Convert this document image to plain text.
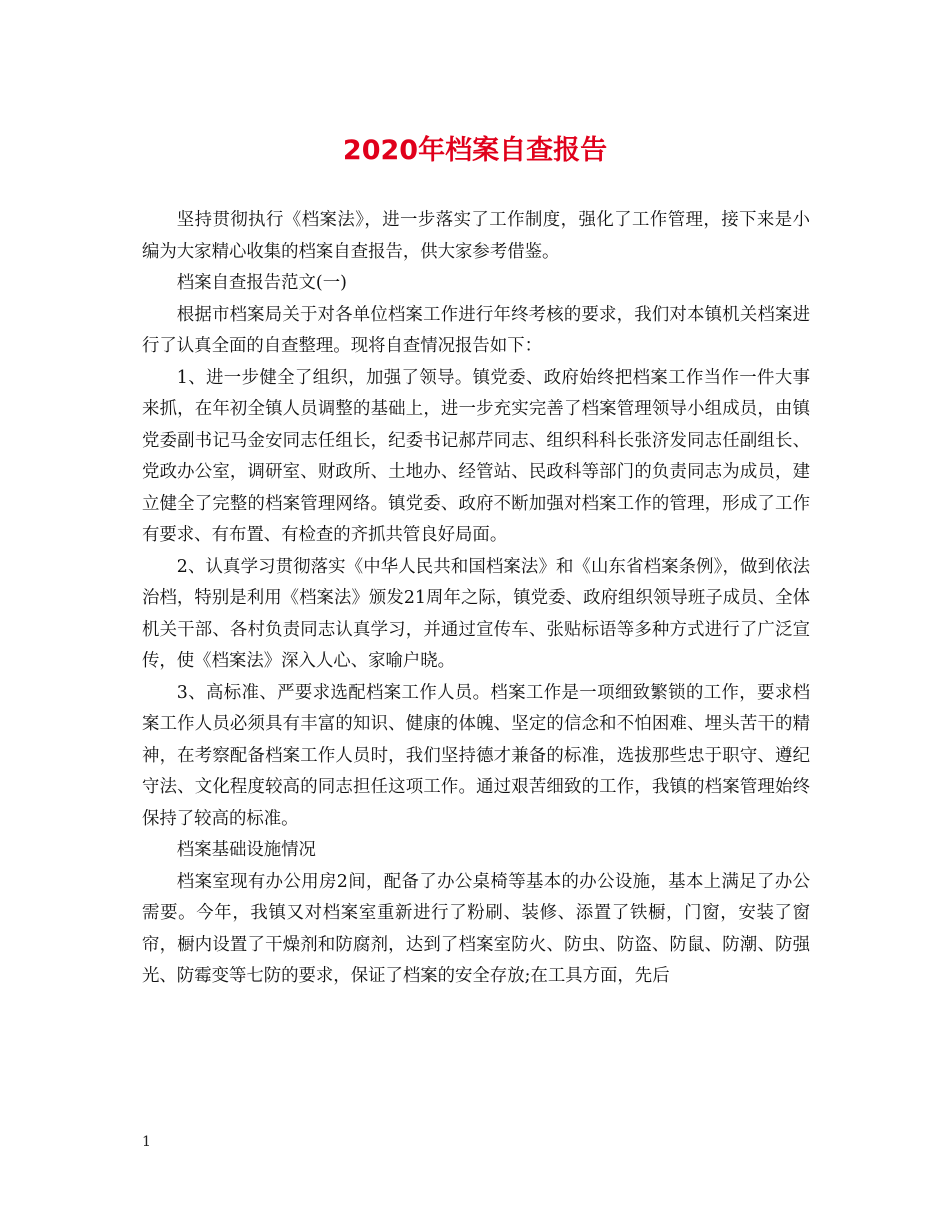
2020年档案自查报告

坚持贯彻执行《档案法》，进一步落实了工作制度，强化了工作管理，接下来是小编为大家精心收集的档案自查报告，供大家参考借鉴。

档案自查报告范文(一)

根据市档案局关于对各单位档案工作进行年终考核的要求，我们对本镇机关档案进行了认真全面的自查整理。现将自查情况报告如下：

1、进一步健全了组织，加强了领导。镇党委、政府始终把档案工作当作一件大事来抓，在年初全镇人员调整的基础上，进一步充实完善了档案管理领导小组成员，由镇党委副书记马金安同志任组长，纪委书记郝芹同志、组织科科长张济发同志任副组长、党政办公室，调研室、财政所、土地办、经管站、民政科等部门的负责同志为成员，建立健全了完整的档案管理网络。镇党委、政府不断加强对档案工作的管理，形成了工作有要求、有布置、有检查的齐抓共管良好局面。

2、认真学习贯彻落实《中华人民共和国档案法》和《山东省档案条例》，做到依法治档，特别是利用《档案法》颁发21周年之际，镇党委、政府组织领导班子成员、全体机关干部、各村负责同志认真学习，并通过宣传车、张贴标语等多种方式进行了广泛宣传，使《档案法》深入人心、家喻户晓。

3、高标准、严要求选配档案工作人员。档案工作是一项细致繁锁的工作，要求档案工作人员必须具有丰富的知识、健康的体魄、坚定的信念和不怕困难、埋头苦干的精神，在考察配备档案工作人员时，我们坚持德才兼备的标准，选拔那些忠于职守、遵纪守法、文化程度较高的同志担任这项工作。通过艰苦细致的工作，我镇的档案管理始终保持了较高的标准。

档案基础设施情况

档案室现有办公用房2间，配备了办公桌椅等基本的办公设施，基本上满足了办公需要。今年，我镇又对档案室重新进行了粉刷、装修、添置了铁橱，门窗，安装了窗帘，橱内设置了干燥剂和防腐剂，达到了档案室防火、防虫、防盗、防鼠、防潮、防强光、防霉变等七防的要求，保证了档案的安全存放;在工具方面，先后

1
